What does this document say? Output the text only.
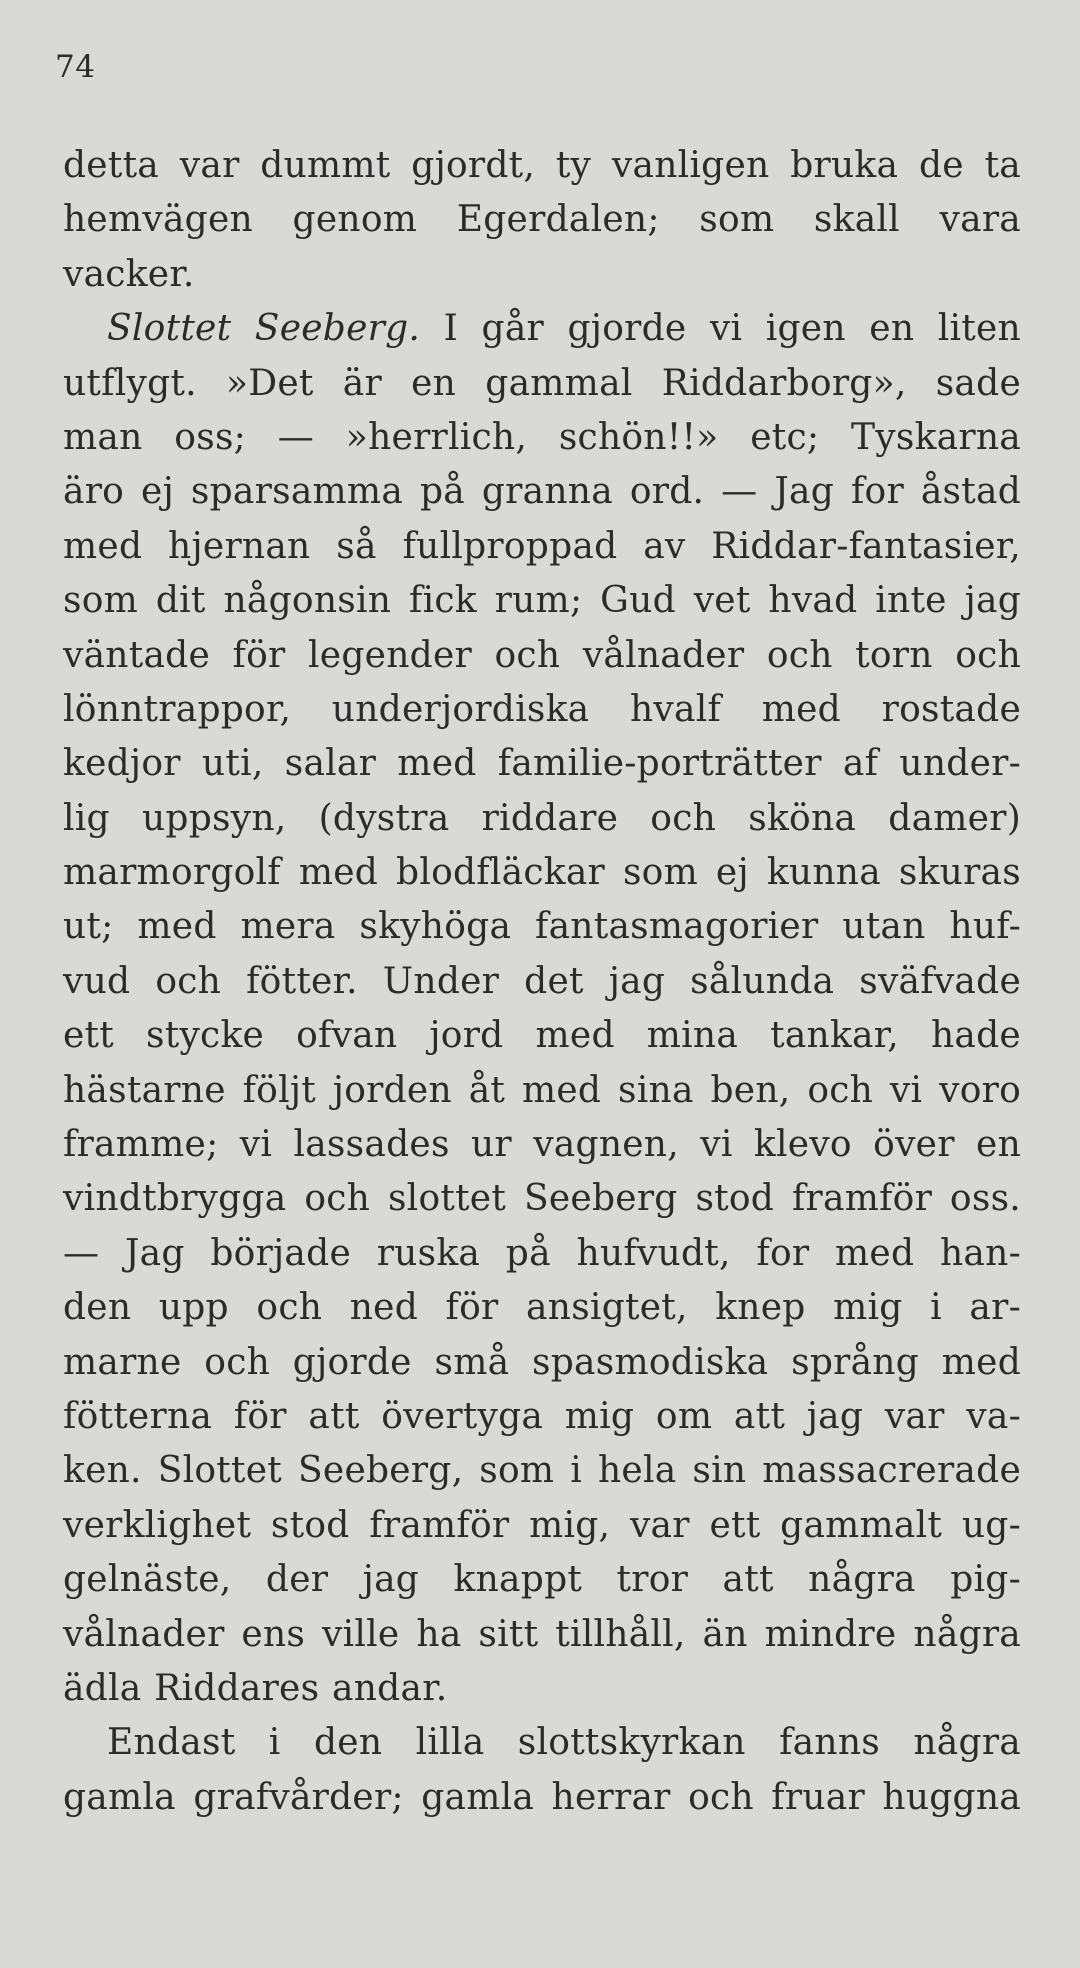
74
detta var dummt gjordt, ty vanligen bruka de ta
hemvägen genom Egerdalen; som skall vara
vacker.
Slottet Seeberg. I går gjorde vi igen en liten
utflygt. »Det är en gammal Riddarborg», sade
man oss; — »herrlich, schön!!» etc; Tyskarna
äro ej sparsamma på granna ord. — Jag for åstad
med hjernan så fullproppad av Riddar-fantasier,
som dit någonsin fick rum; Gud vet hvad inte jag
väntade för legender och vålnader och torn och
lönntrappor, underjordiska hvalf med rostade
kedjor uti, salar med familie-porträtter af under-
lig uppsyn, (dystra riddare och sköna damer)
marmorgolf med blodfläckar som ej kunna skuras
ut; med mera skyhöga fantasmagorier utan huf-
vud och fötter. Under det jag sålunda sväfvade
ett stycke ofvan jord med mina tankar, hade
hästarne följt jorden åt med sina ben, och vi voro
framme; vi lassades ur vagnen, vi klevo över en
vindtbrygga och slottet Seeberg stod framför oss.
— Jag började ruska på hufvudt, for med han-
den upp och ned för ansigtet, knep mig i ar-
marne och gjorde små spasmodiska språng med
fötterna för att övertyga mig om att jag var va-
ken. Slottet Seeberg, som i hela sin massacrerade
verklighet stod framför mig, var ett gammalt ug-
gelnäste, der jag knappt tror att några pig-
vålnader ens ville ha sitt tillhåll, än mindre några
ädla Riddares andar.
Endast i den lilla slottskyrkan fanns några
gamla grafvårder; gamla herrar och fruar huggna
